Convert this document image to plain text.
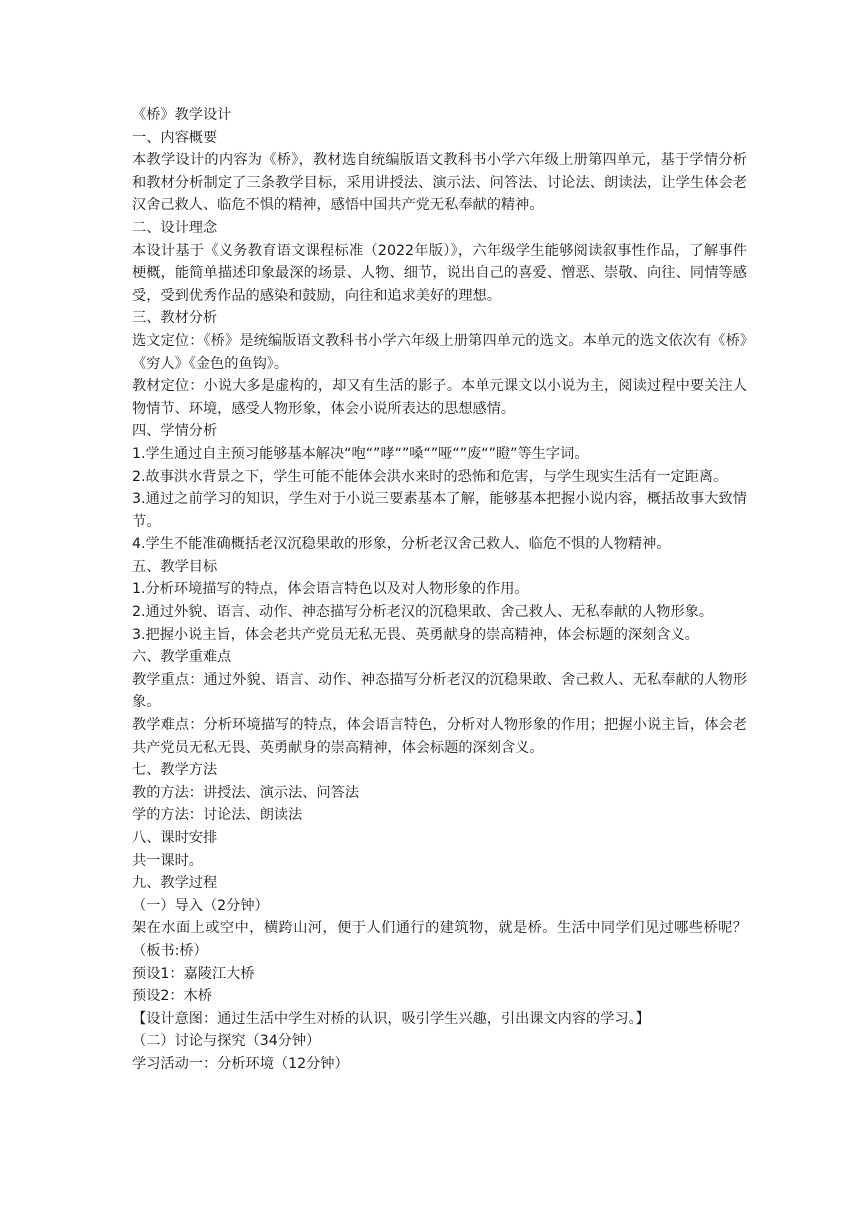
《桥》教学设计
一、内容概要
本教学设计的内容为《桥》，教材选自统编版语文教科书小学六年级上册第四单元，基于学情分析和教材分析制定了三条教学目标，采用讲授法、演示法、问答法、讨论法、朗读法，让学生体会老汉舍己救人、临危不惧的精神，感悟中国共产党无私奉献的精神。
二、设计理念
本设计基于《义务教育语文课程标准（2022年版）》，六年级学生能够阅读叙事性作品，了解事件梗概，能简单描述印象最深的场景、人物、细节，说出自己的喜爱、憎恶、崇敬、向往、同情等感受，受到优秀作品的感染和鼓励，向往和追求美好的理想。
三、教材分析
选文定位：《桥》是统编版语文教科书小学六年级上册第四单元的选文。本单元的选文依次有《桥》《穷人》《金色的鱼钩》。
教材定位：小说大多是虚构的，却又有生活的影子。本单元课文以小说为主，阅读过程中要关注人物情节、环境，感受人物形象，体会小说所表达的思想感情。
四、学情分析
1.学生通过自主预习能够基本解决“咆“”哮“”嗓“”哑“”废“”瞪”等生字词。
2.故事洪水背景之下，学生可能不能体会洪水来时的恐怖和危害，与学生现实生活有一定距离。
3.通过之前学习的知识，学生对于小说三要素基本了解，能够基本把握小说内容，概括故事大致情节。
4.学生不能准确概括老汉沉稳果敢的形象，分析老汉舍己救人、临危不惧的人物精神。
五、教学目标
1.分析环境描写的特点，体会语言特色以及对人物形象的作用。
2.通过外貌、语言、动作、神态描写分析老汉的沉稳果敢、舍己救人、无私奉献的人物形象。
3.把握小说主旨，体会老共产党员无私无畏、英勇献身的崇高精神，体会标题的深刻含义。
六、教学重难点
教学重点：通过外貌、语言、动作、神态描写分析老汉的沉稳果敢、舍己救人、无私奉献的人物形象。
教学难点：分析环境描写的特点，体会语言特色，分析对人物形象的作用；把握小说主旨，体会老共产党员无私无畏、英勇献身的崇高精神，体会标题的深刻含义。
七、教学方法
教的方法：讲授法、演示法、问答法
学的方法：讨论法、朗读法
八、课时安排
共一课时。
九、教学过程
（一）导入（2分钟）
架在水面上或空中，横跨山河，便于人们通行的建筑物，就是桥。生活中同学们见过哪些桥呢？（板书:桥）
预设1：嘉陵江大桥
预设2：木桥
【设计意图：通过生活中学生对桥的认识，吸引学生兴趣，引出课文内容的学习。】
（二）讨论与探究（34分钟）
学习活动一：分析环境（12分钟）
